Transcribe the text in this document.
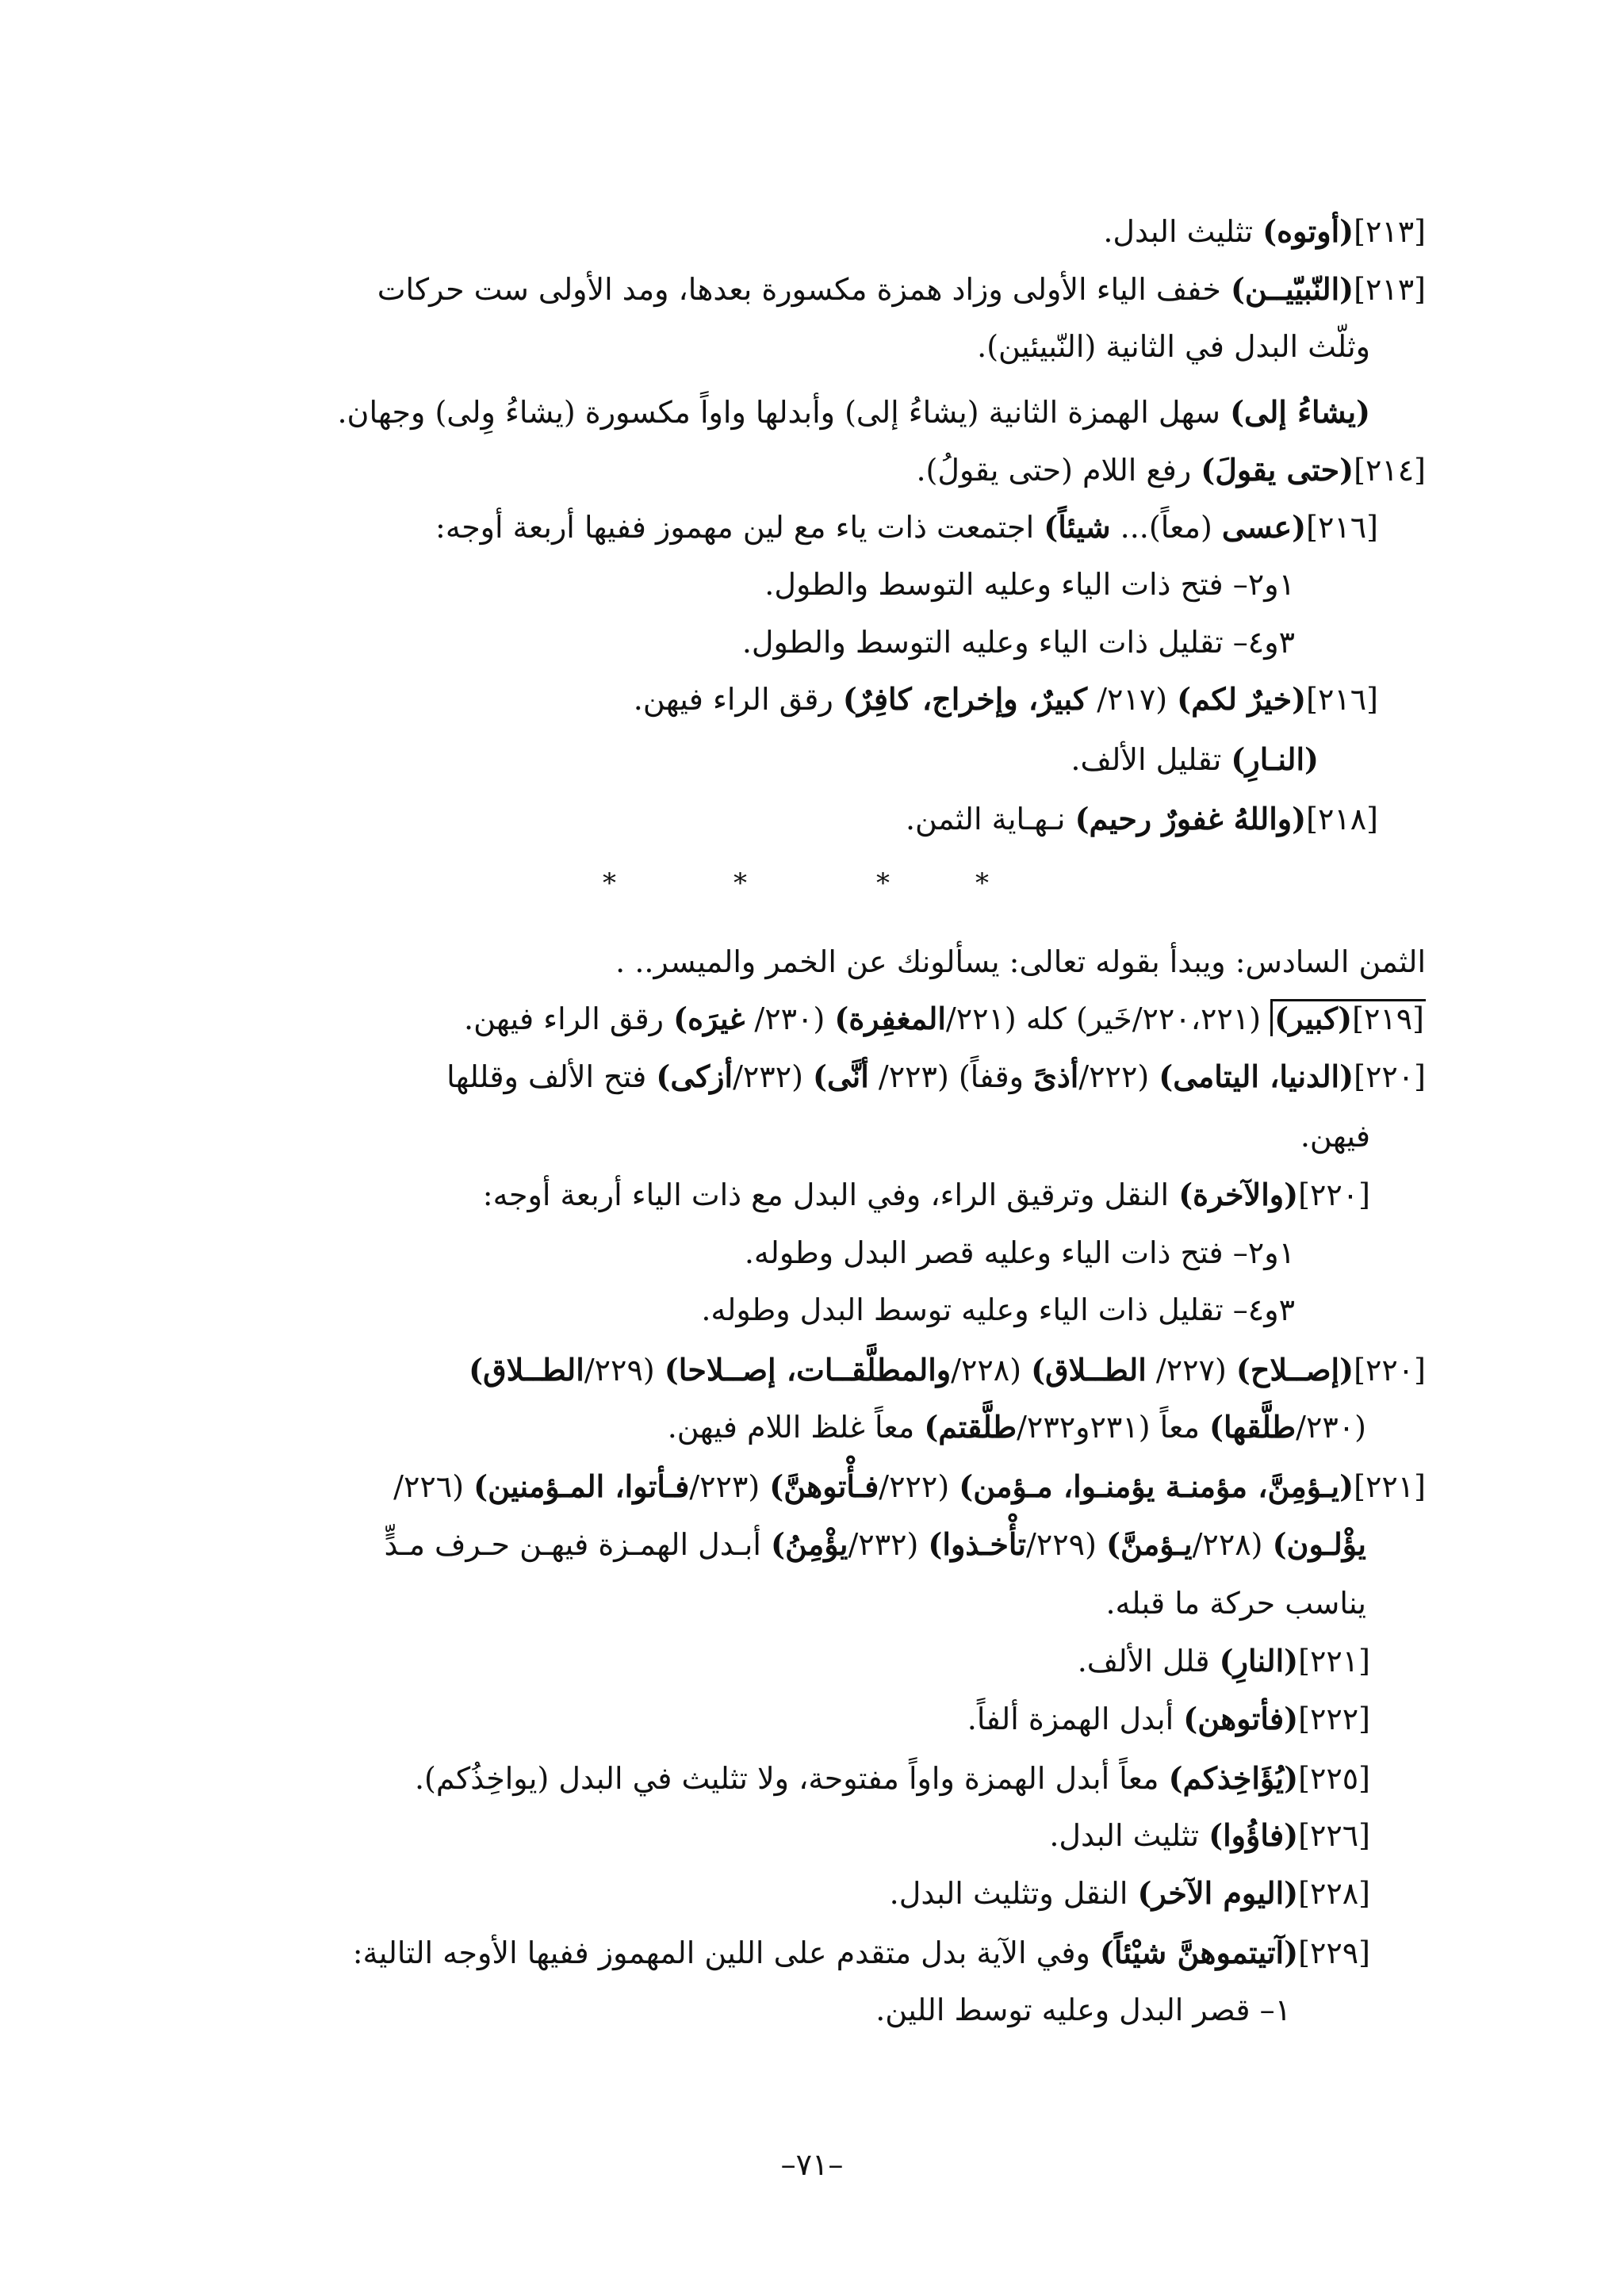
[٢١٣](أوتوه) تثليث البدل.
[٢١٣](النّبيّيــن) خفف الياء الأولى وزاد همزة مكسورة بعدها، ومد الأولى ست حركات
وثلّث البدل في الثانية (النّبيئين).
(يشاءُ إلى) سهل الهمزة الثانية (يشاءُ إلى) وأبدلها واواً مكسورة (يشاءُ وِلى) وجهان.
[٢١٤](حتى يقولَ) رفع اللام (حتى يقولُ).
[٢١٦](عسى (معاً)... شيئاً) اجتمعت ذات ياء مع لين مهموز ففيها أربعة أوجه:
١و٢– فتح ذات الياء وعليه التوسط والطول.
٣و٤– تقليل ذات الياء وعليه التوسط والطول.
[٢١٦](خيرٌ لكم) (٢١٧/ كبيرٌ، وإخراج، كافِرٌ) رقق الراء فيهن.
(النـارِ) تقليل الألف.
[٢١٨](واللهُ غفورٌ رحيم) نـهـاية الثمن.
*	*	*	*
الثمن السادس: ويبدأ بقوله تعالى: يسألونك عن الخمر والميسر.. .
[٢١٩](كبير) (٢٢٠،٢٢١/خَير) كله (٢٢١/المغفِرة) (٢٣٠/ غيرَه) رقق الراء فيهن.
[٢٢٠](الدنيا، اليتامى) (٢٢٢/أذىً وقفاً) (٢٢٣/ أنَّى) (٢٣٢/أزكى) فتح الألف وقللها
فيهن.
[٢٢٠](والآخرة) النقل وترقيق الراء، وفي البدل مع ذات الياء أربعة أوجه:
١و٢– فتح ذات الياء وعليه قصر البدل وطوله.
٣و٤– تقليل ذات الياء وعليه توسط البدل وطوله.
[٢٢٠](إصــلاح) (٢٢٧/ الطــلاق) (٢٢٨/والمطلَّقــات، إصــلاحا) (٢٢٩/الطــلاق)
(٢٣٠/طلَّقها) معاً (٢٣١و٢٣٢/طلَّقتم) معاً غلظ اللام فيهن.
[٢٢١](يـؤمِنَّ، مؤمنـة يؤمنـوا، مـؤمن) (٢٢٢/فـأْتوهنَّ) (٢٢٣/فـأتوا، المـؤمنين) (٢٢٦/
يؤْلـون) (٢٢٨/يـؤمنَّ) (٢٢٩/تأْخـذوا) (٢٣٢/يؤْمِنُ) أبـدل الهمـزة فيهـن حـرف مـدٍّ
يناسب حركة ما قبله.
[٢٢١](النارِ) قلل الألف.
[٢٢٢](فأتوهن) أبدل الهمزة ألفاً.
[٢٢٥](يُؤَاخِذكم) معاً أبدل الهمزة واواً مفتوحة، ولا تثليث في البدل (يواخِذُكم).
[٢٢٦](فاؤُوا) تثليث البدل.
[٢٢٨](اليوم الآخر) النقل وتثليث البدل.
[٢٢٩](آتيتموهنَّ شيْئاً) وفي الآية بدل متقدم على اللين المهموز ففيها الأوجه التالية:
١– قصر البدل وعليه توسط اللين.
–٧١–
